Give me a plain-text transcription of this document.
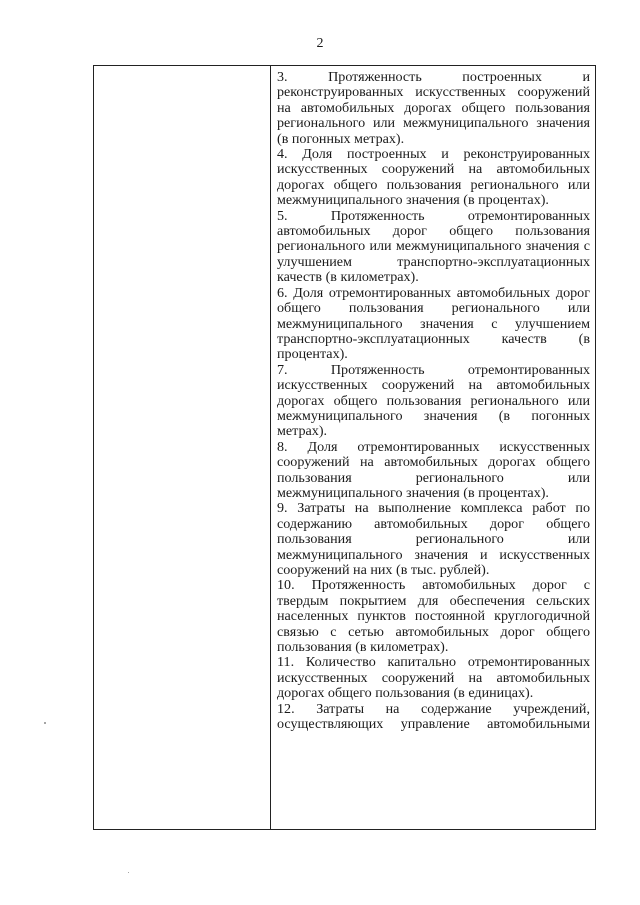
2

3. Протяженность построенных и реконструированных искусственных сооружений на автомобильных дорогах общего пользования регионального или межмуниципального значения (в погонных метрах).

4. Доля построенных и реконструированных искусственных сооружений на автомобильных дорогах общего пользования регионального или межмуниципального значения (в процентах).

5. Протяженность отремонтированных автомобильных дорог общего пользования регионального или межмуниципального значения с улучшением транспортно-эксплуатационных качеств (в километрах).

6. Доля отремонтированных автомобильных дорог общего пользования регионального или межмуниципального значения с улучшением транспортно-эксплуатационных качеств (в процентах).

7. Протяженность отремонтированных искусственных сооружений на автомобильных дорогах общего пользования регионального или межмуниципального значения (в погонных метрах).

8. Доля отремонтированных искусственных сооружений на автомобильных дорогах общего пользования регионального или межмуниципального значения (в процентах).

9. Затраты на выполнение комплекса работ по содержанию автомобильных дорог общего пользования регионального или межмуниципального значения и искусственных сооружений на них (в тыс. рублей).

10. Протяженность автомобильных дорог с твердым покрытием для обеспечения сельских населенных пунктов постоянной круглогодичной связью с сетью автомобильных дорог общего пользования (в километрах).

11. Количество капитально отремонтированных искусственных сооружений на автомобильных дорогах общего пользования (в единицах).

12. Затраты на содержание учреждений, осуществляющих управление автомобильными
